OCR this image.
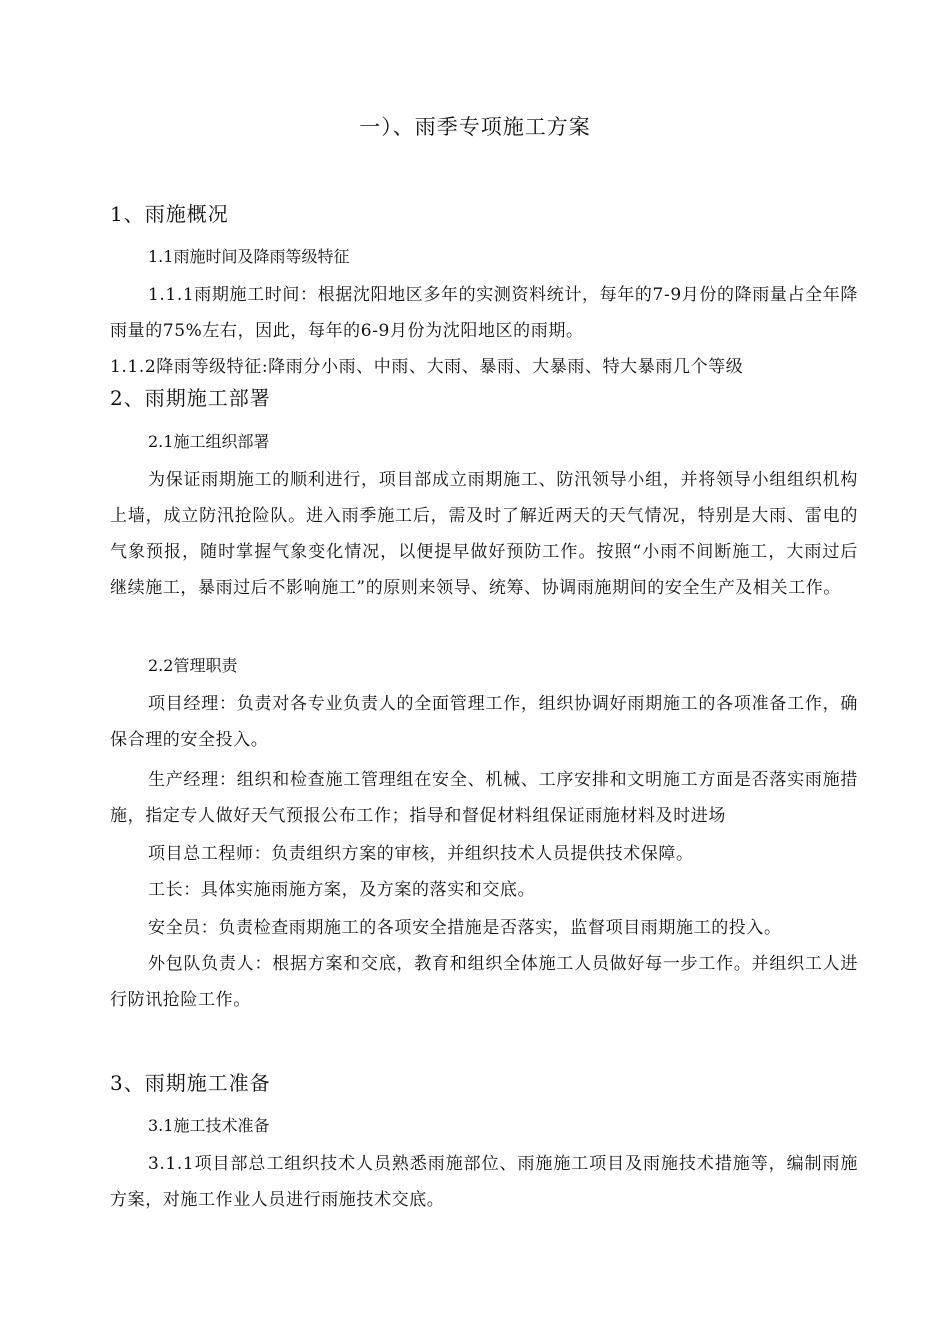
一）、雨季专项施工方案
1、雨施概况
1.1雨施时间及降雨等级特征

1.1.1雨期施工时间：根据沈阳地区多年的实测资料统计，每年的7-9月份的降雨量占全年降雨量的75%左右，因此，每年的6-9月份为沈阳地区的雨期。

1.1.2降雨等级特征:降雨分小雨、中雨、大雨、暴雨、大暴雨、特大暴雨几个等级

2、雨期施工部署
2.1施工组织部署

为保证雨期施工的顺利进行，项目部成立雨期施工、防汛领导小组，并将领导小组组织机构上墙，成立防汛抢险队。进入雨季施工后，需及时了解近两天的天气情况，特别是大雨、雷电的气象预报，随时掌握气象变化情况，以便提早做好预防工作。按照“小雨不间断施工，大雨过后继续施工，暴雨过后不影响施工”的原则来领导、统筹、协调雨施期间的安全生产及相关工作。

2.2管理职责

项目经理：负责对各专业负责人的全面管理工作，组织协调好雨期施工的各项准备工作，确保合理的安全投入。

生产经理：组织和检查施工管理组在安全、机械、工序安排和文明施工方面是否落实雨施措施，指定专人做好天气预报公布工作；指导和督促材料组保证雨施材料及时进场

项目总工程师：负责组织方案的审核，并组织技术人员提供技术保障。

工长：具体实施雨施方案，及方案的落实和交底。

安全员：负责检查雨期施工的各项安全措施是否落实，监督项目雨期施工的投入。

外包队负责人：根据方案和交底，教育和组织全体施工人员做好每一步工作。并组织工人进行防讯抢险工作。

3、雨期施工准备
3.1施工技术准备

3.1.1项目部总工组织技术人员熟悉雨施部位、雨施施工项目及雨施技术措施等，编制雨施方案，对施工作业人员进行雨施技术交底。
